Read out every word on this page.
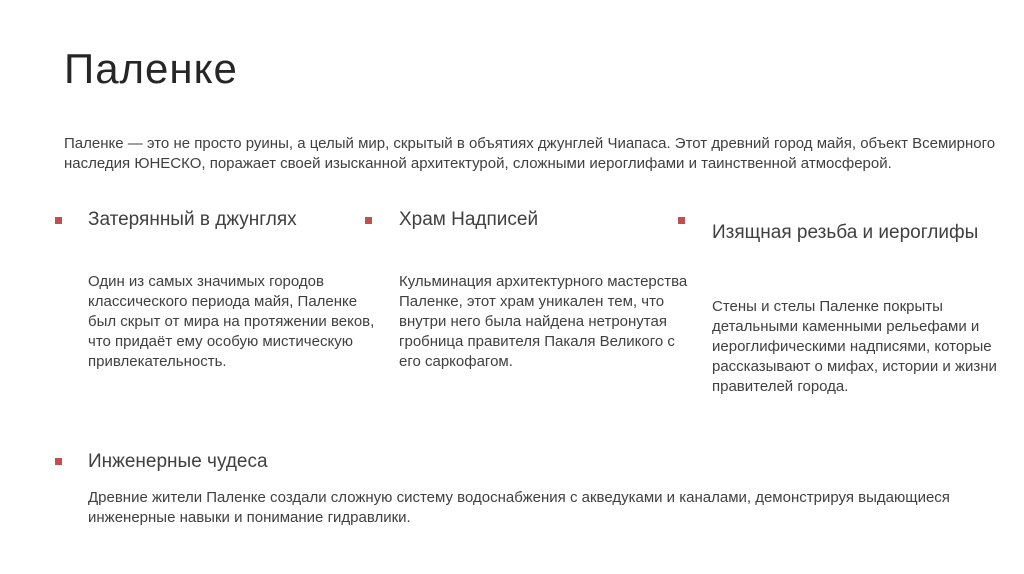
Паленке

Паленке — это не просто руины, а целый мир, скрытый в объятиях джунглей Чиапаса. Этот древний город майя, объект Всемирного наследия ЮНЕСКО, поражает своей изысканной архитектурой, сложными иероглифами и таинственной атмосферой.

Затерянный в джунглях

Один из самых значимых городов классического периода майя, Паленке был скрыт от мира на протяжении веков, что придаёт ему особую мистическую привлекательность.

Храм Надписей

Кульминация архитектурного мастерства Паленке, этот храм уникален тем, что внутри него была найдена нетронутая гробница правителя Пакаля Великого с его саркофагом.

Изящная резьба и иероглифы

Стены и стелы Паленке покрыты детальными каменными рельефами и иероглифическими надписями, которые рассказывают о мифах, истории и жизни правителей города.

Инженерные чудеса

Древние жители Паленке создали сложную систему водоснабжения с акведуками и каналами, демонстрируя выдающиеся инженерные навыки и понимание гидравлики.
